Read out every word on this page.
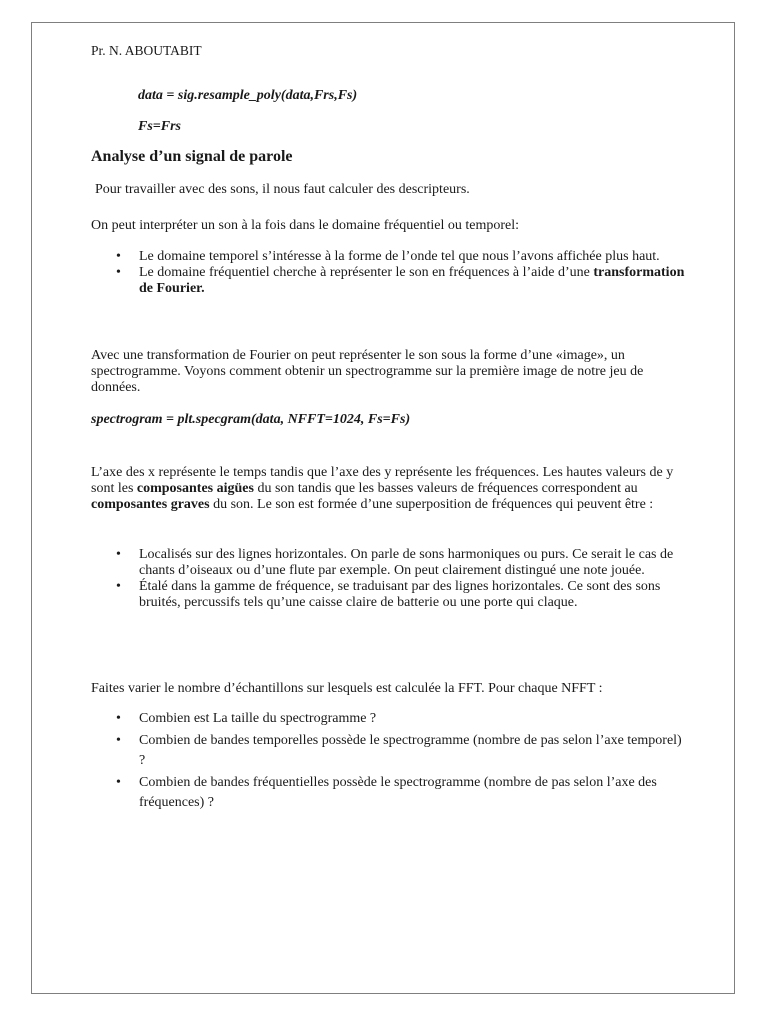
Pr. N. ABOUTABIT
data = sig.resample_poly(data,Frs,Fs)
Fs=Frs
Analyse d’un signal de parole
Pour travailler avec des sons, il nous faut calculer des descripteurs.
On peut interpréter un son à la fois dans le domaine fréquentiel ou temporel:
• Le domaine temporel s’intéresse à la forme de l’onde tel que nous l’avons affichée plus haut.
• Le domaine fréquentiel cherche à représenter le son en fréquences à l’aide d’une transformation de Fourier.
Avec une transformation de Fourier on peut représenter le son sous la forme d’une «image», un spectrogramme. Voyons comment obtenir un spectrogramme sur la première image de notre jeu de données.
spectrogram = plt.specgram(data, NFFT=1024, Fs=Fs)
L’axe des x représente le temps tandis que l’axe des y représente les fréquences. Les hautes valeurs de y sont les composantes aigües du son tandis que les basses valeurs de fréquences correspondent au composantes graves du son. Le son est formée d’une superposition de fréquences qui peuvent être :
• Localisés sur des lignes horizontales. On parle de sons harmoniques ou purs. Ce serait le cas de chants d’oiseaux ou d’une flute par exemple. On peut clairement distingué une note jouée.
• Étalé dans la gamme de fréquence, se traduisant par des lignes horizontales. Ce sont des sons bruités, percussifs tels qu’une caisse claire de batterie ou une porte qui claque.
Faites varier le nombre d’échantillons sur lesquels est calculée la FFT. Pour chaque NFFT :
• Combien est La taille du spectrogramme ?
• Combien de bandes temporelles possède le spectrogramme (nombre de pas selon l’axe temporel) ?
• Combien de bandes fréquentielles possède le spectrogramme (nombre de pas selon l’axe des fréquences) ?
